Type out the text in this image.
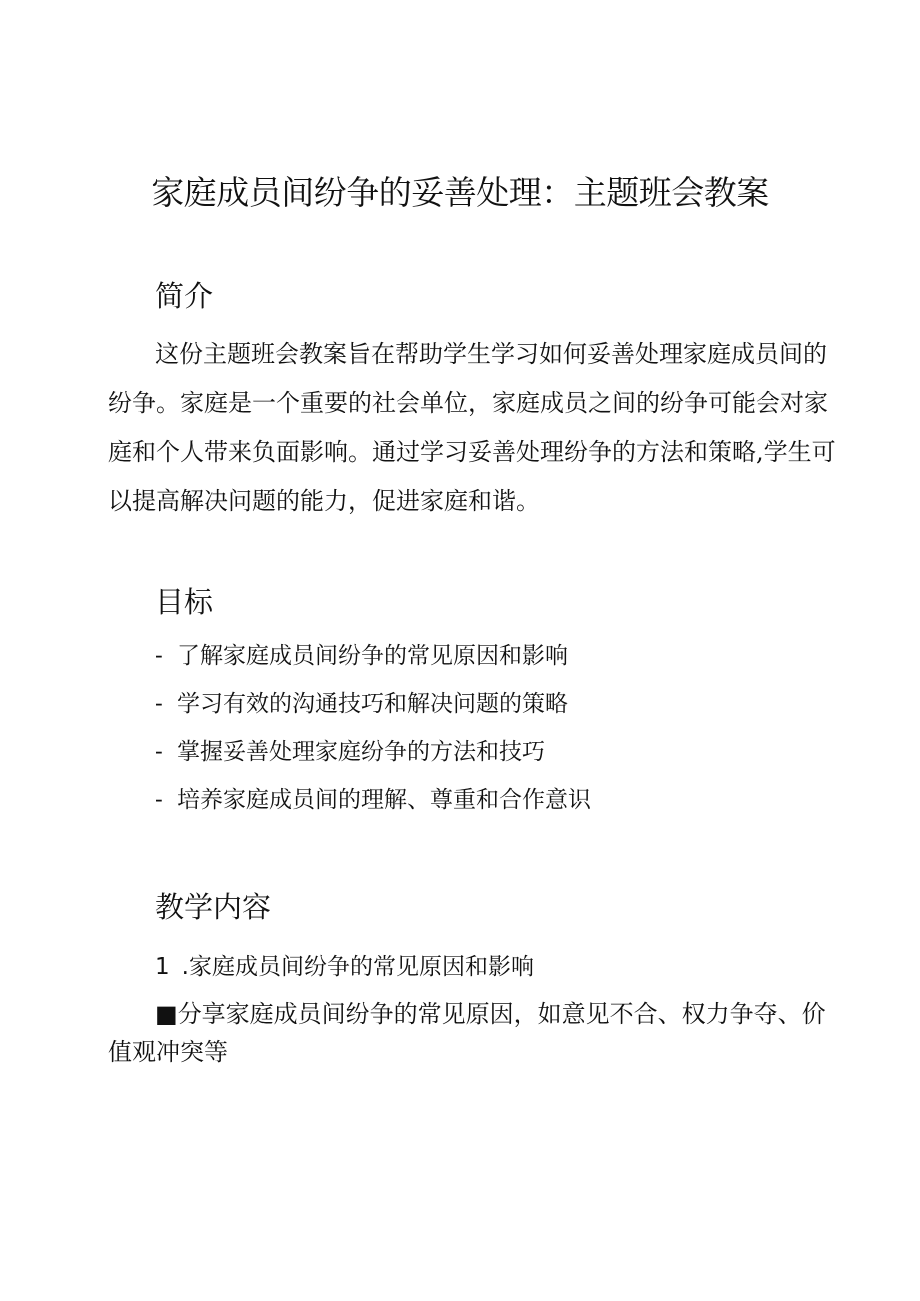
家庭成员间纷争的妥善处理：主题班会教案
简介
这份主题班会教案旨在帮助学生学习如何妥善处理家庭成员间的
纷争。家庭是一个重要的社会单位，家庭成员之间的纷争可能会对家
庭和个人带来负面影响。通过学习妥善处理纷争的方法和策略,学生可
以提高解决问题的能力，促进家庭和谐。
目标
- 了解家庭成员间纷争的常见原因和影响
- 学习有效的沟通技巧和解决问题的策略
- 掌握妥善处理家庭纷争的方法和技巧
- 培养家庭成员间的理解、尊重和合作意识
教学内容
1 .家庭成员间纷争的常见原因和影响
■分享家庭成员间纷争的常见原因，如意见不合、权力争夺、价
值观冲突等
